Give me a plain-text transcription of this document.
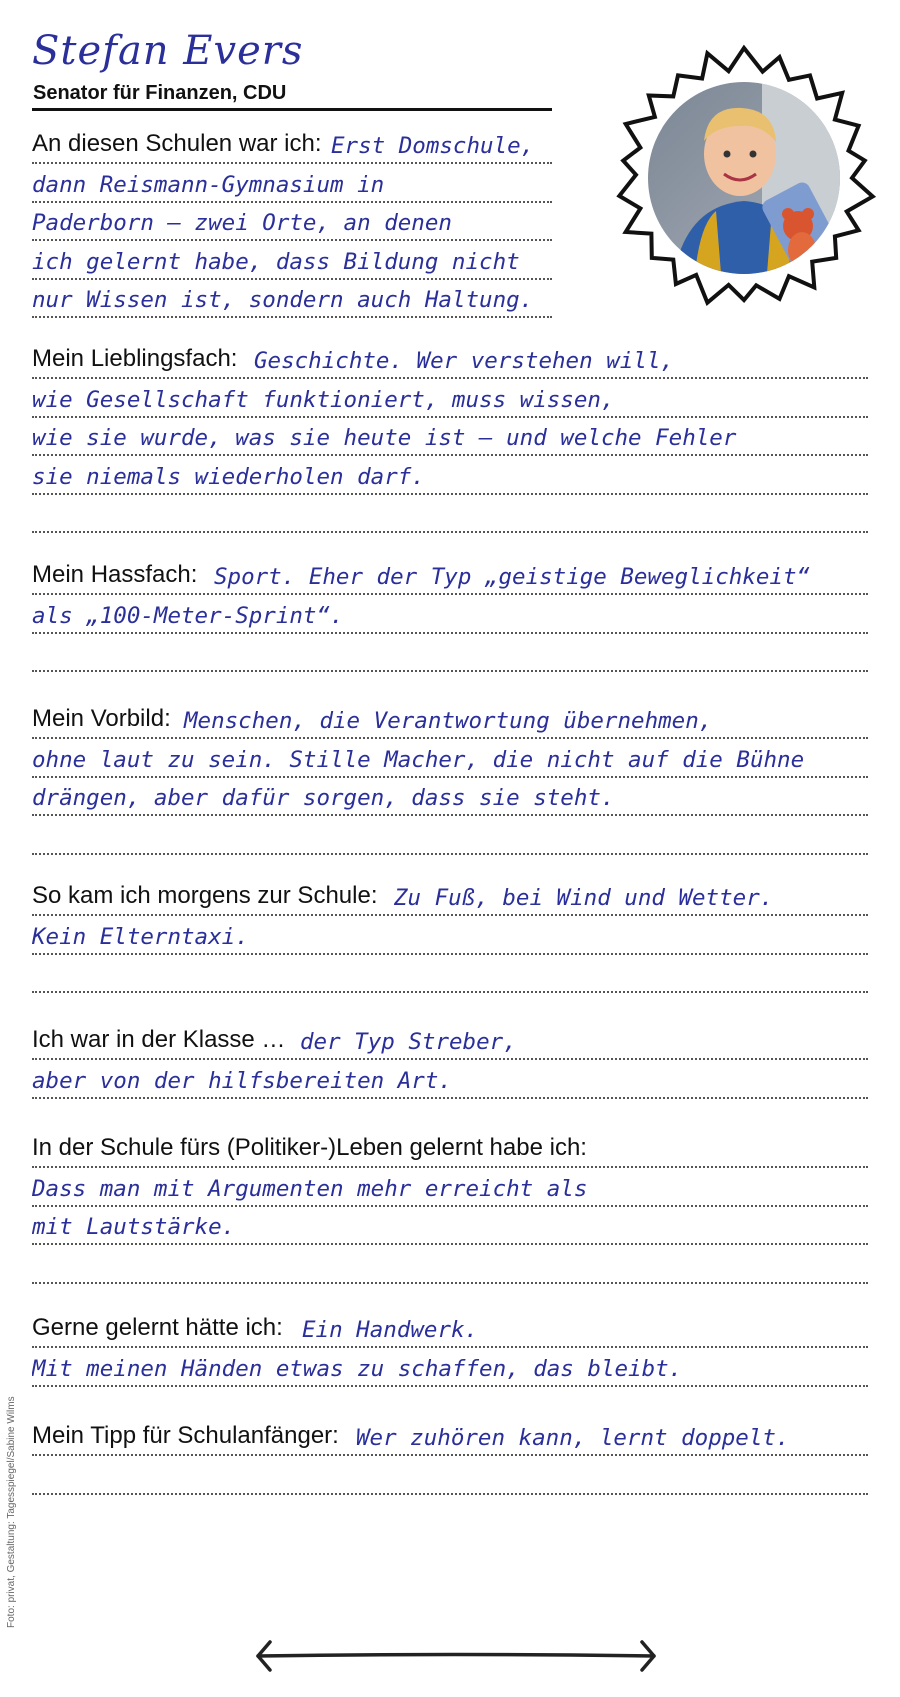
Stefan Evers
Senator für Finanzen, CDU
An diesen Schulen war ich: Erst Domschule,
dann Reismann-Gymnasium in
Paderborn – zwei Orte, an denen
ich gelernt habe, dass Bildung nicht
nur Wissen ist, sondern auch Haltung.
Mein Lieblingsfach: Geschichte. Wer verstehen will,
wie Gesellschaft funktioniert, muss wissen,
wie sie wurde, was sie heute ist – und welche Fehler
sie niemals wiederholen darf.
Mein Hassfach: Sport. Eher der Typ „geistige Beweglichkeit“
als „100-Meter-Sprint“.
Mein Vorbild: Menschen, die Verantwortung übernehmen,
ohne laut zu sein. Stille Macher, die nicht auf die Bühne
drängen, aber dafür sorgen, dass sie steht.
So kam ich morgens zur Schule: Zu Fuß, bei Wind und Wetter.
Kein Elterntaxi.
Ich war in der Klasse … der Typ Streber,
aber von der hilfsbereiten Art.
In der Schule fürs (Politiker-)Leben gelernt habe ich:
Dass man mit Argumenten mehr erreicht als
mit Lautstärke.
Gerne gelernt hätte ich: Ein Handwerk.
Mit meinen Händen etwas zu schaffen, das bleibt.
Mein Tipp für Schulanfänger: Wer zuhören kann, lernt doppelt.
Foto: privat, Gestaltung: Tagesspiegel/Sabine Wilms
